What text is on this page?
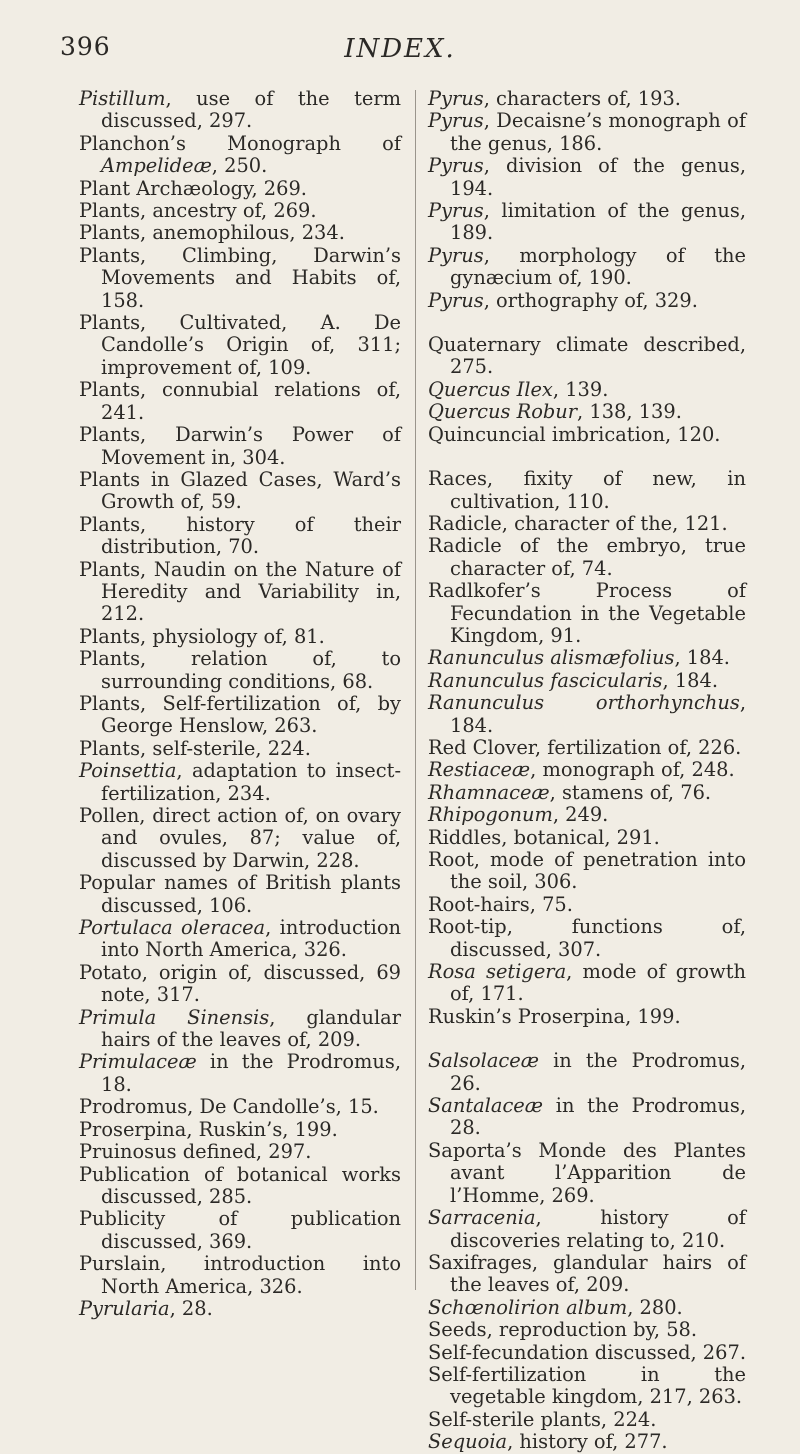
396	INDEX.
Pistillum, use of the term discussed, 297.
Planchon’s Monograph of Ampelideæ, 250.
Plant Archæology, 269.
Plants, ancestry of, 269.
Plants, anemophilous, 234.
Plants, Climbing, Darwin’s Movements and Habits of, 158.
Plants, Cultivated, A. De Candolle’s Origin of, 311; improvement of, 109.
Plants, connubial relations of, 241.
Plants, Darwin’s Power of Movement in, 304.
Plants in Glazed Cases, Ward’s Growth of, 59.
Plants, history of their distribution, 70.
Plants, Naudin on the Nature of Heredity and Variability in, 212.
Plants, physiology of, 81.
Plants, relation of, to surrounding conditions, 68.
Plants, Self-fertilization of, by George Henslow, 263.
Plants, self-sterile, 224.
Poinsettia, adaptation to insect-fertilization, 234.
Pollen, direct action of, on ovary and ovules, 87; value of, discussed by Darwin, 228.
Popular names of British plants discussed, 106.
Portulaca oleracea, introduction into North America, 326.
Potato, origin of, discussed, 69 note, 317.
Primula Sinensis, glandular hairs of the leaves of, 209.
Primulaceæ in the Prodromus, 18.
Prodromus, De Candolle’s, 15.
Proserpina, Ruskin’s, 199.
Pruinosus defined, 297.
Publication of botanical works discussed, 285.
Publicity of publication discussed, 369.
Purslain, introduction into North America, 326.
Pyrularia, 28.
Pyrus, characters of, 193.
Pyrus, Decaisne’s monograph of the genus, 186.
Pyrus, division of the genus, 194.
Pyrus, limitation of the genus, 189.
Pyrus, morphology of the gynæcium of, 190.
Pyrus, orthography of, 329.
Quaternary climate described, 275.
Quercus Ilex, 139.
Quercus Robur, 138, 139.
Quincuncial imbrication, 120.
Races, fixity of new, in cultivation, 110.
Radicle, character of the, 121.
Radicle of the embryo, true character of, 74.
Radlkofer’s Process of Fecundation in the Vegetable Kingdom, 91.
Ranunculus alismæfolius, 184.
Ranunculus fascicularis, 184.
Ranunculus orthorhynchus, 184.
Red Clover, fertilization of, 226.
Restiaceæ, monograph of, 248.
Rhamnaceæ, stamens of, 76.
Rhipogonum, 249.
Riddles, botanical, 291.
Root, mode of penetration into the soil, 306.
Root-hairs, 75.
Root-tip, functions of, discussed, 307.
Rosa setigera, mode of growth of, 171.
Ruskin’s Proserpina, 199.
Salsolaceæ in the Prodromus, 26.
Santalaceæ in the Prodromus, 28.
Saporta’s Monde des Plantes avant l’Apparition de l’Homme, 269.
Sarracenia, history of discoveries relating to, 210.
Saxifrages, glandular hairs of the leaves of, 209.
Schœnolirion album, 280.
Seeds, reproduction by, 58.
Self-fecundation discussed, 267.
Self-fertilization in the vegetable kingdom, 217, 263.
Self-sterile plants, 224.
Sequoia, history of, 277.
